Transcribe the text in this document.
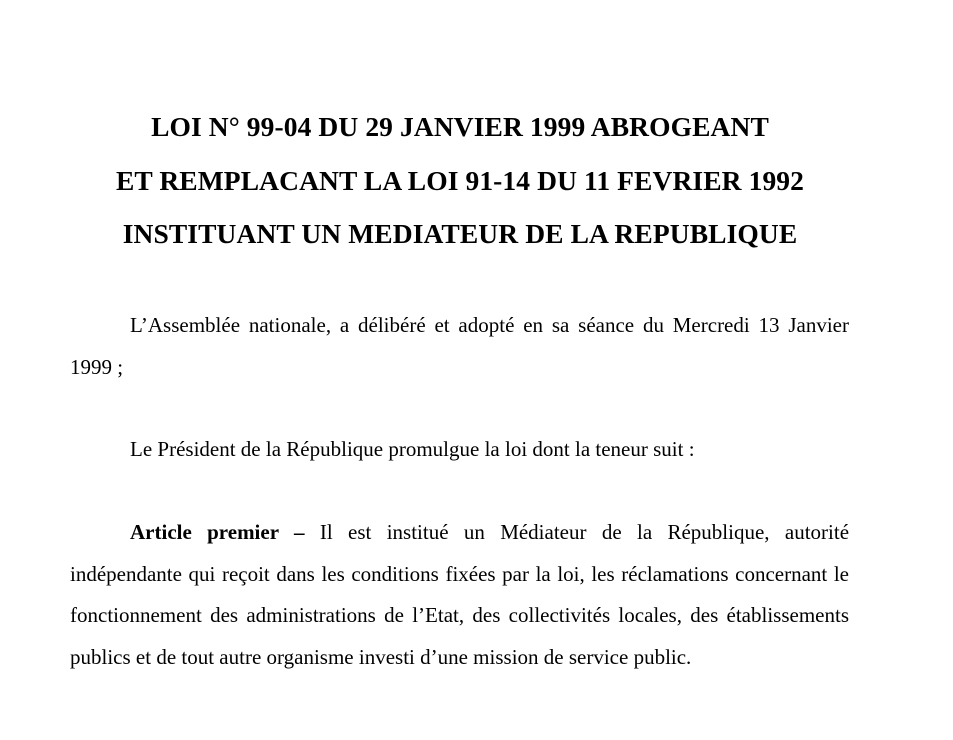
LOI N° 99-04 DU 29 JANVIER 1999 ABROGEANT
ET REMPLACANT LA LOI 91-14 DU 11 FEVRIER 1992
INSTITUANT UN MEDIATEUR DE LA REPUBLIQUE

L’Assemblée nationale, a délibéré et adopté en sa séance du Mercredi 13 Janvier 1999 ;

Le Président de la République promulgue la loi dont la teneur suit :

Article premier – Il est institué un Médiateur de la République, autorité indépendante qui reçoit dans les conditions fixées par la loi, les réclamations concernant le fonctionnement des administrations de l’Etat, des collectivités locales, des établissements publics et de tout autre organisme investi d’une mission de service public.
